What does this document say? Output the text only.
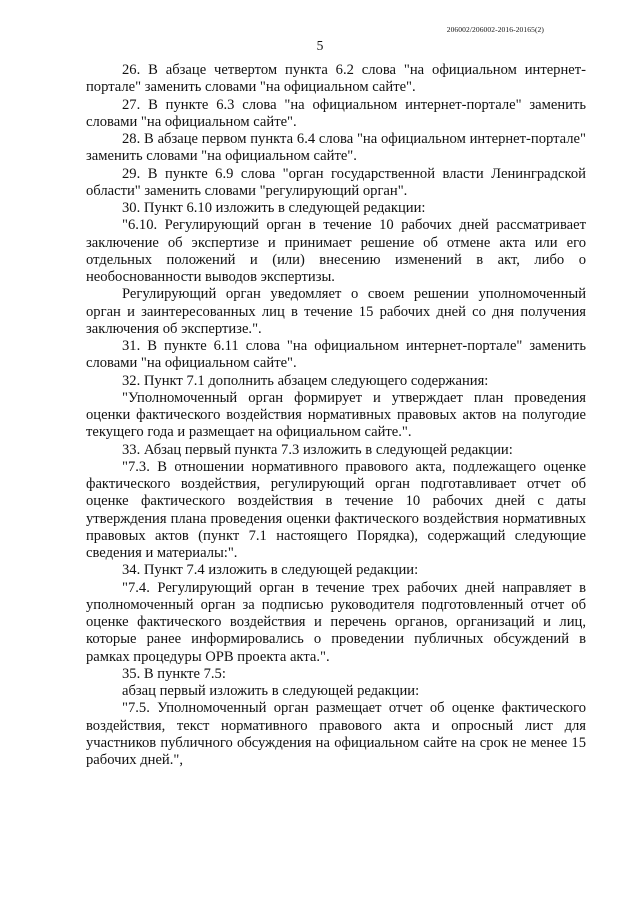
206002/206002-2016-20165(2)
5

26. В абзаце четвертом пункта 6.2 слова "на официальном интернет-портале" заменить словами "на официальном сайте".

27. В пункте 6.3 слова "на официальном интернет-портале" заменить словами "на официальном сайте".

28. В абзаце первом пункта 6.4 слова "на официальном интернет-портале" заменить словами "на официальном сайте".

29. В пункте 6.9 слова "орган государственной власти Ленинградской области" заменить словами "регулирующий орган".

30. Пункт 6.10 изложить в следующей редакции:

"6.10. Регулирующий орган в течение 10 рабочих дней рассматривает заключение об экспертизе и принимает решение об отмене акта или его отдельных положений и (или) внесению изменений в акт, либо о необоснованности выводов экспертизы.

Регулирующий орган уведомляет о своем решении уполномоченный орган и заинтересованных лиц в течение 15 рабочих дней со дня получения заключения об экспертизе.".

31. В пункте 6.11 слова "на официальном интернет-портале" заменить словами "на официальном сайте".

32. Пункт 7.1 дополнить абзацем следующего содержания:

"Уполномоченный орган формирует и утверждает план проведения оценки фактического воздействия нормативных правовых актов на полугодие текущего года и размещает на официальном сайте.".

33. Абзац первый пункта 7.3 изложить в следующей редакции:

"7.3. В отношении нормативного правового акта, подлежащего оценке фактического воздействия, регулирующий орган подготавливает отчет об оценке фактического воздействия в течение 10 рабочих дней с даты утверждения плана проведения оценки фактического воздействия нормативных правовых актов (пункт 7.1 настоящего Порядка), содержащий следующие сведения и материалы:".

34. Пункт 7.4 изложить в следующей редакции:

"7.4. Регулирующий орган в течение трех рабочих дней направляет в уполномоченный орган за подписью руководителя подготовленный отчет об оценке фактического воздействия и перечень органов, организаций и лиц, которые ранее информировались о проведении публичных обсуждений в рамках процедуры ОРВ проекта акта.".

35. В пункте 7.5:

абзац первый изложить в следующей редакции:

"7.5. Уполномоченный орган размещает отчет об оценке фактического воздействия, текст нормативного правового акта и опросный лист для участников публичного обсуждения на официальном сайте на срок не менее 15 рабочих дней.",
